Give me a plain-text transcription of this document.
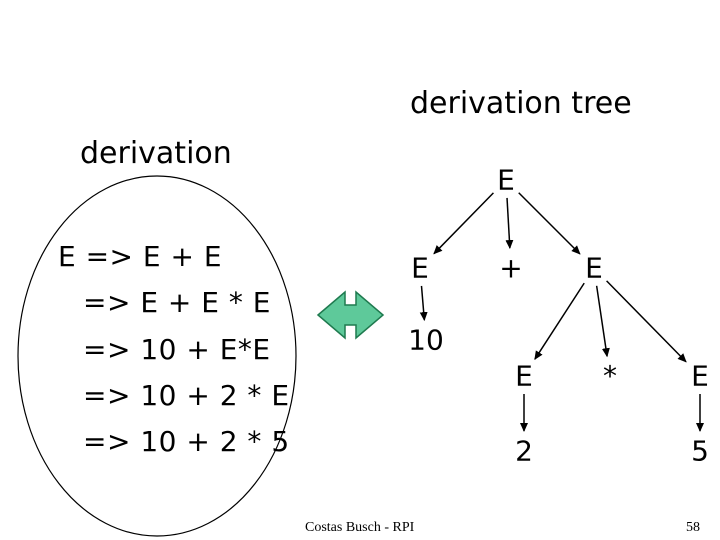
derivation tree
derivation
E
E	+ E
10
E	*	E
2	5
E => E + E
=> E + E * E
=> 10 + E*E
=> 10 + 2 * E
=> 10 + 2 * 5
Costas Busch - RPI	58
